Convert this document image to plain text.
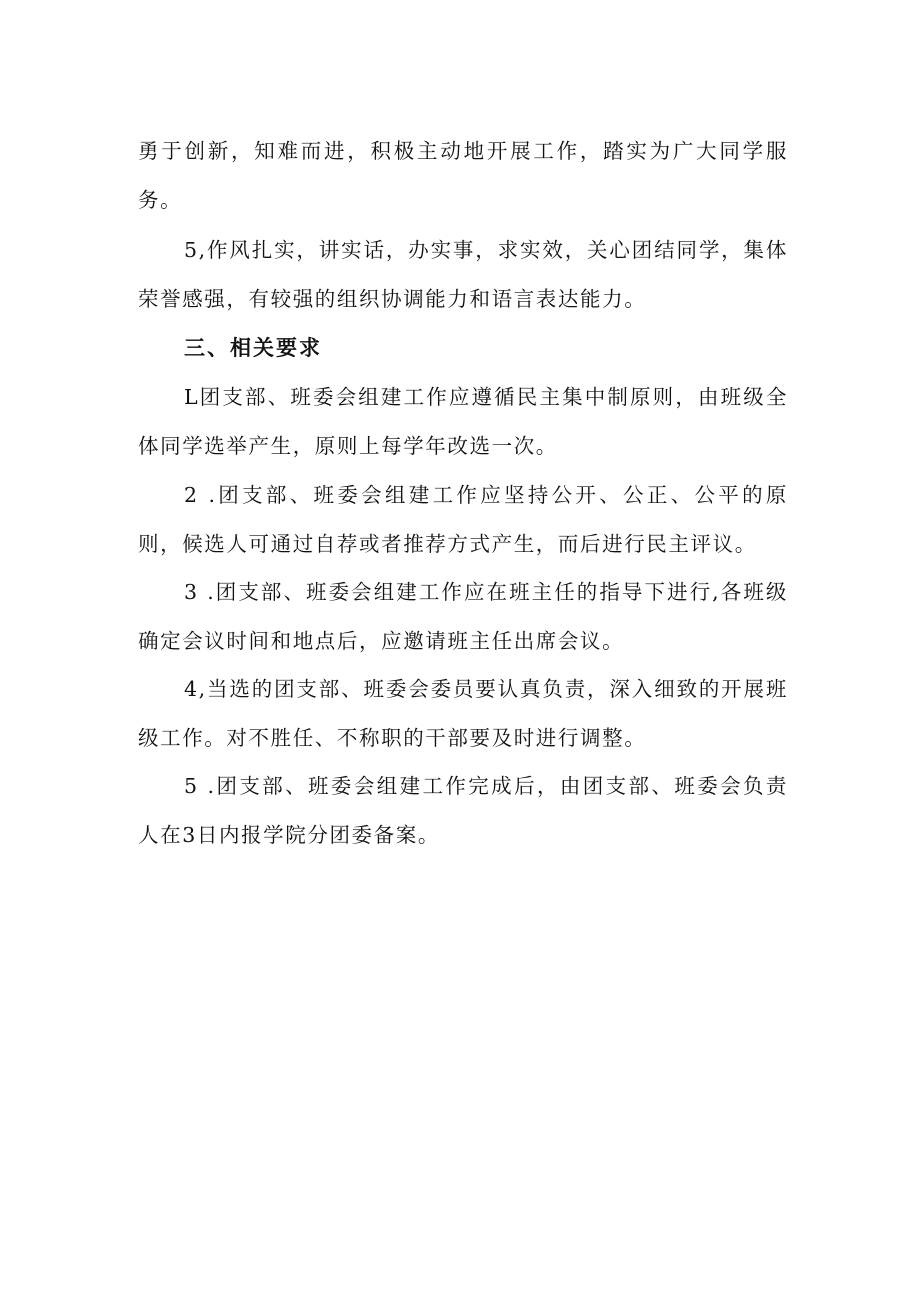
勇于创新，知难而进，积极主动地开展工作，踏实为广大同学服务。

5,作风扎实，讲实话，办实事，求实效，关心团结同学，集体荣誉感强，有较强的组织协调能力和语言表达能力。

三、相关要求

L团支部、班委会组建工作应遵循民主集中制原则，由班级全体同学选举产生，原则上每学年改选一次。

2 .团支部、班委会组建工作应坚持公开、公正、公平的原则，候选人可通过自荐或者推荐方式产生，而后进行民主评议。

3 .团支部、班委会组建工作应在班主任的指导下进行,各班级确定会议时间和地点后，应邀请班主任出席会议。

4,当选的团支部、班委会委员要认真负责，深入细致的开展班级工作。对不胜任、不称职的干部要及时进行调整。

5 .团支部、班委会组建工作完成后，由团支部、班委会负责人在3日内报学院分团委备案。
